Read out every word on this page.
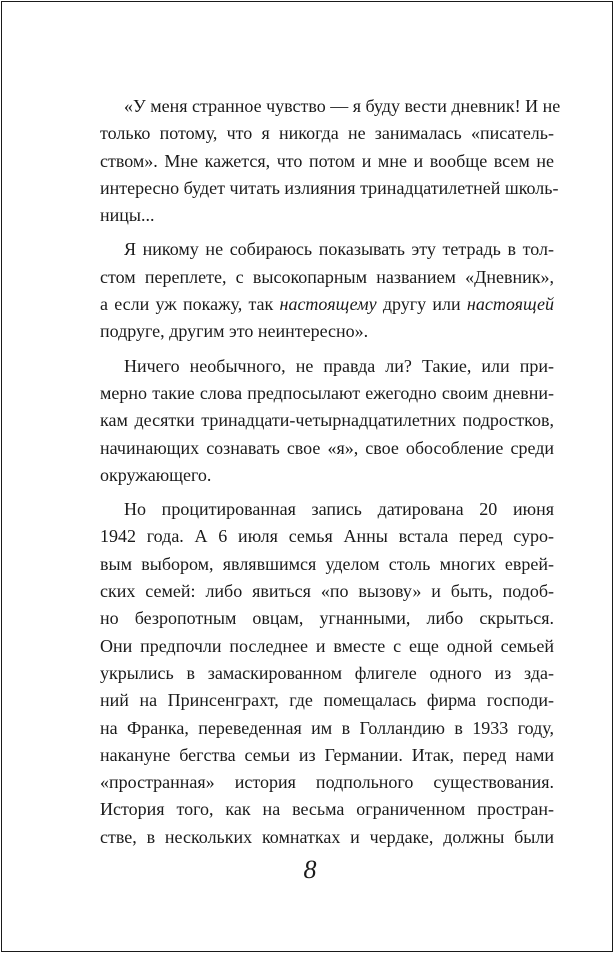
«У меня странное чувство — я буду вести дневник! И не
только потому, что я никогда не занималась «писатель-
ством». Мне кажется, что потом и мне и вообще всем не
интересно будет читать излияния тринадцатилетней школь-
ницы...
Я никому не собираюсь показывать эту тетрадь в тол-
стом переплете, с высокопарным названием «Дневник»,
а если уж покажу, так настоящему другу или настоящей
подруге, другим это неинтересно».
Ничего необычного, не правда ли? Такие, или при-
мерно такие слова предпосылают ежегодно своим дневни-
кам десятки тринадцати-четырнадцатилетних подростков,
начинающих сознавать свое «я», свое обособление среди
окружающего.
Но процитированная запись датирована 20 июня
1942 года. А 6 июля семья Анны встала перед суро-
вым выбором, являвшимся уделом столь многих еврей-
ских семей: либо явиться «по вызову» и быть, подоб-
но безропотным овцам, угнанными, либо скрыться.
Они предпочли последнее и вместе с еще одной семьей
укрылись в замаскированном флигеле одного из зда-
ний на Принсенграхт, где помещалась фирма господи-
на Франка, переведенная им в Голландию в 1933 году,
накануне бегства семьи из Германии. Итак, перед нами
«пространная» история подпольного существования.
История того, как на весьма ограниченном простран-
стве, в нескольких комнатках и чердаке, должны были
8
